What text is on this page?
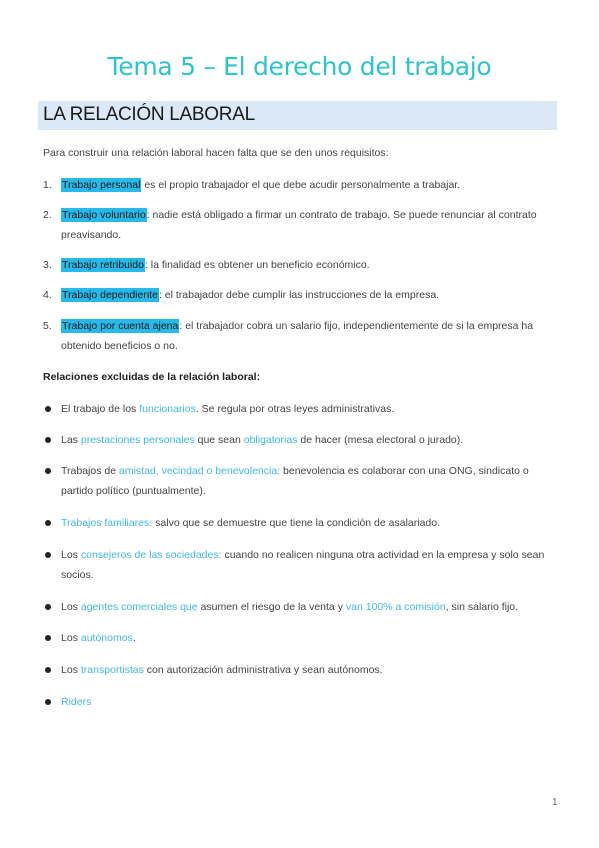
Tema 5 – El derecho del trabajo
LA RELACIÓN LABORAL
Para construir una relación laboral hacen falta que se den unos requisitos:
1. Trabajo personal es el propio trabajador el que debe acudir personalmente a trabajar.
2. Trabajo voluntario: nadie está obligado a firmar un contrato de trabajo. Se puede renunciar al contrato preavisando.
3. Trabajo retribuido: la finalidad es obtener un beneficio económico.
4. Trabajo dependiente: el trabajador debe cumplir las instrucciones de la empresa.
5. Trabajo por cuenta ajena: el trabajador cobra un salario fijo, independientemente de si la empresa ha obtenido beneficios o no.
Relaciones excluidas de la relación laboral:
El trabajo de los funcionarios. Se regula por otras leyes administrativas.
Las prestaciones personales que sean obligatorias de hacer (mesa electoral o jurado).
Trabajos de amistad, vecindad o benevolencia: benevolencia es colaborar con una ONG, sindicato o partido político (puntualmente).
Trabajos familiares: salvo que se demuestre que tiene la condición de asalariado.
Los consejeros de las sociedades: cuando no realicen ninguna otra actividad en la empresa y solo sean socios.
Los agentes comerciales que asumen el riesgo de la venta y van 100% a comisión, sin salario fijo.
Los autónomos.
Los transportistas con autorización administrativa y sean autónomos.
Riders
1
